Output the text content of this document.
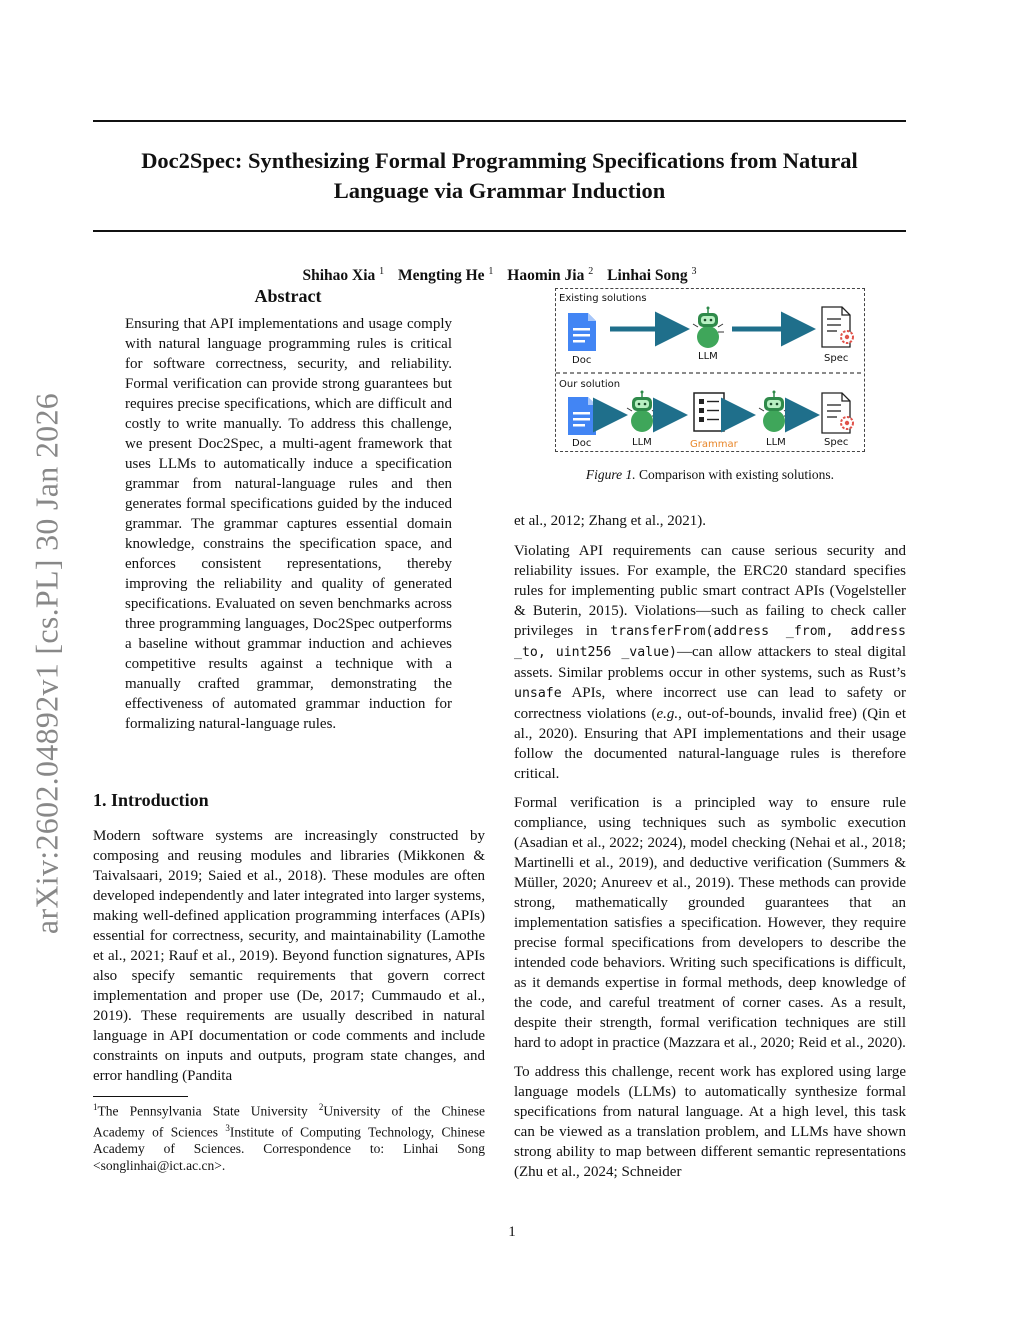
Doc2Spec: Synthesizing Formal Programming Specifications from Natural Language via Grammar Induction
Shihao Xia $^1$ Mengting He $^1$ Haomin Jia $^2$ Linhai Song $^3$
arXiv:2602.04892v1 [cs.PL] 30 Jan 2026
Abstract
Ensuring that API implementations and usage comply with natural language programming rules is critical for software correctness, security, and reliability. Formal verification can provide strong guarantees but requires precise specifications, which are difficult and costly to write manually. To address this challenge, we present Doc2Spec, a multi-agent framework that uses LLMs to automatically induce a specification grammar from natural-language rules and then generates formal specifications guided by the induced grammar. The grammar captures essential domain knowledge, constrains the specification space, and enforces consistent representations, thereby improving the reliability and quality of generated specifications. Evaluated on seven benchmarks across three programming languages, Doc2Spec outperforms a baseline without grammar induction and achieves competitive results against a technique with a manually crafted grammar, demonstrating the effectiveness of automated grammar induction for formalizing natural-language rules.
1. Introduction
Modern software systems are increasingly constructed by composing and reusing modules and libraries (Mikkonen & Taivalsaari, 2019; Saied et al., 2018). These modules are often developed independently and later integrated into larger systems, making well-defined application programming interfaces (APIs) essential for correctness, security, and maintainability (Lamothe et al., 2021; Rauf et al., 2019). Beyond function signatures, APIs also specify semantic requirements that govern correct implementation and proper use (De, 2017; Cummaudo et al., 2019). These requirements are usually described in natural language in API documentation or code comments and include constraints on inputs and outputs, program state changes, and error handling (Pandita
$^1$The Pennsylvania State University $^2$University of the Chinese Academy of Sciences $^3$Institute of Computing Technology, Chinese Academy of Sciences. Correspondence to: Linhai Song <songlinhai@ict.ac.cn>.
Existing solutions
Doc	LLM	Spec
Our solution
Doc	LLM	Grammar	LLM	Spec
Figure 1. Comparison with existing solutions.

et al., 2012; Zhang et al., 2021).

Violating API requirements can cause serious security and reliability issues. For example, the ERC20 standard specifies rules for implementing public smart contract APIs (Vogelsteller & Buterin, 2015). Violations—such as failing to check caller privileges in transferFrom(address _from, address _to, uint256 _value)—can allow attackers to steal digital assets. Similar problems occur in other systems, such as Rust’s unsafe APIs, where incorrect use can lead to safety or correctness violations (e.g., out-of-bounds, invalid free) (Qin et al., 2020). Ensuring that API implementations and their usage follow the documented natural-language rules is therefore critical.

Formal verification is a principled way to ensure rule compliance, using techniques such as symbolic execution (Asadian et al., 2022; 2024), model checking (Nehai et al., 2018; Martinelli et al., 2019), and deductive verification (Summers & Müller, 2020; Anureev et al., 2019). These methods can provide strong, mathematically grounded guarantees that an implementation satisfies a specification. However, they require precise formal specifications from developers to describe the intended code behaviors. Writing such specifications is difficult, as it demands expertise in formal methods, deep knowledge of the code, and careful treatment of corner cases. As a result, despite their strength, formal verification techniques are still hard to adopt in practice (Mazzara et al., 2020; Reid et al., 2020).

To address this challenge, recent work has explored using large language models (LLMs) to automatically synthesize formal specifications from natural language. At a high level, this task can be viewed as a translation problem, and LLMs have shown strong ability to map between different semantic representations (Zhu et al., 2024; Schneider

1
